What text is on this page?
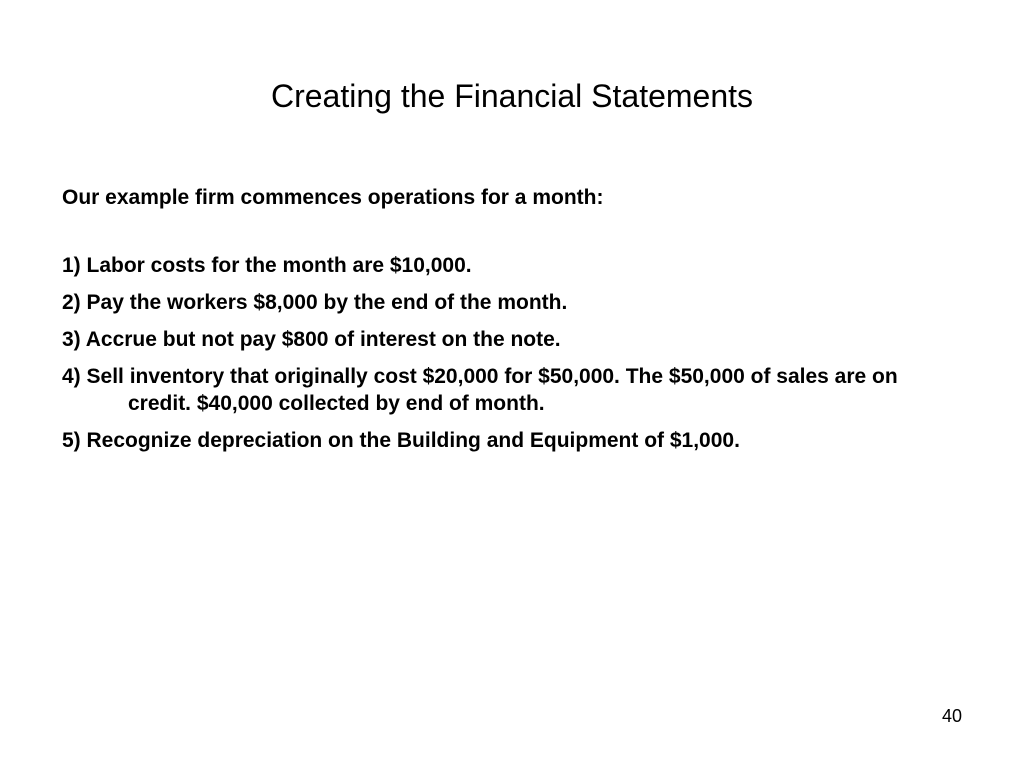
Creating the Financial Statements

Our example firm commences operations for a month:

1) Labor costs for the month are $10,000.

2) Pay the workers $8,000 by the end of the month.

3) Accrue but not pay $800 of interest on the note.

4) Sell inventory that originally cost $20,000 for $50,000. The $50,000 of sales are on credit. $40,000 collected by end of month.

5) Recognize depreciation on the Building and Equipment of $1,000.

40
